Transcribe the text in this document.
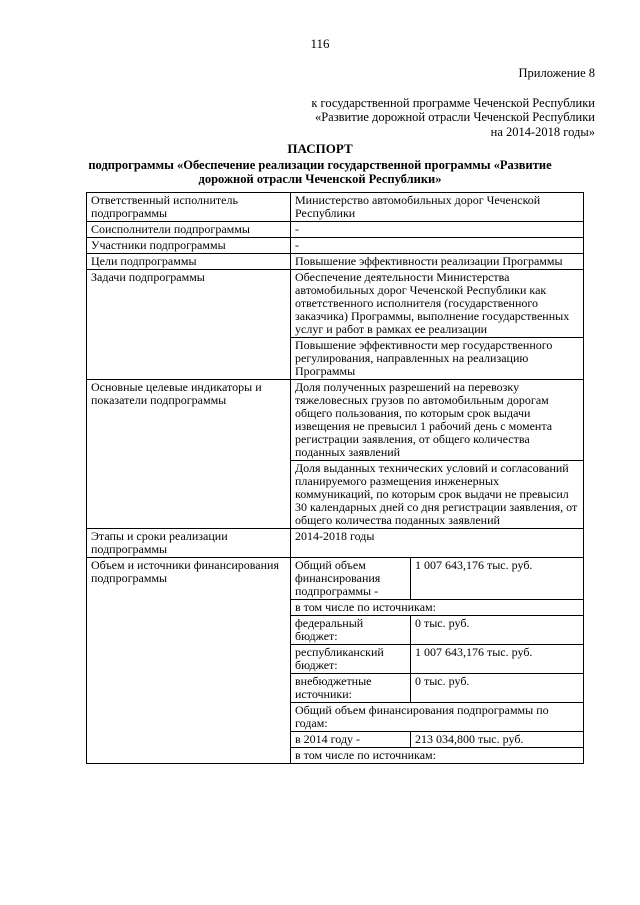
116
Приложение 8
к государственной программе Чеченской Республики
«Развитие дорожной отрасли Чеченской Республики
на 2014-2018 годы»
ПАСПОРТ
подпрограммы «Обеспечение реализации государственной программы «Развитие дорожной отрасли Чеченской Республики»
Ответственный исполнитель подпрограммы	Министерство автомобильных дорог Чеченской Республики
Соисполнители подпрограммы	-
Участники подпрограммы	-
Цели подпрограммы	Повышение эффективности реализации Программы
Задачи подпрограммы	Обеспечение деятельности Министерства автомобильных дорог Чеченской Республики как ответственного исполнителя (государственного заказчика) Программы, выполнение государственных услуг и работ в рамках ее реализации
Повышение эффективности мер государственного регулирования, направленных на реализацию Программы
Основные целевые индикаторы и показатели подпрограммы	Доля полученных разрешений на перевозку тяжеловесных грузов по автомобильным дорогам общего пользования, по которым срок выдачи извещения не превысил 1 рабочий день с момента регистрации заявления, от общего количества поданных заявлений
Доля выданных технических условий и согласований планируемого размещения инженерных коммуникаций, по которым срок выдачи не превысил 30 календарных дней со дня регистрации заявления, от общего количества поданных заявлений
Этапы и сроки реализации подпрограммы	2014-2018 годы
Объем и источники финансирования подпрограммы	
Общий объем финансирования подпрограммы -	1 007 643,176 тыс. руб.
в том числе по источникам:
федеральный бюджет:	0 тыс. руб.
республиканский бюджет:	1 007 643,176 тыс. руб.
внебюджетные источники:	0 тыс. руб.
Общий объем финансирования подпрограммы по годам:
в 2014 году -	213 034,800 тыс. руб.
в том числе по источникам:
